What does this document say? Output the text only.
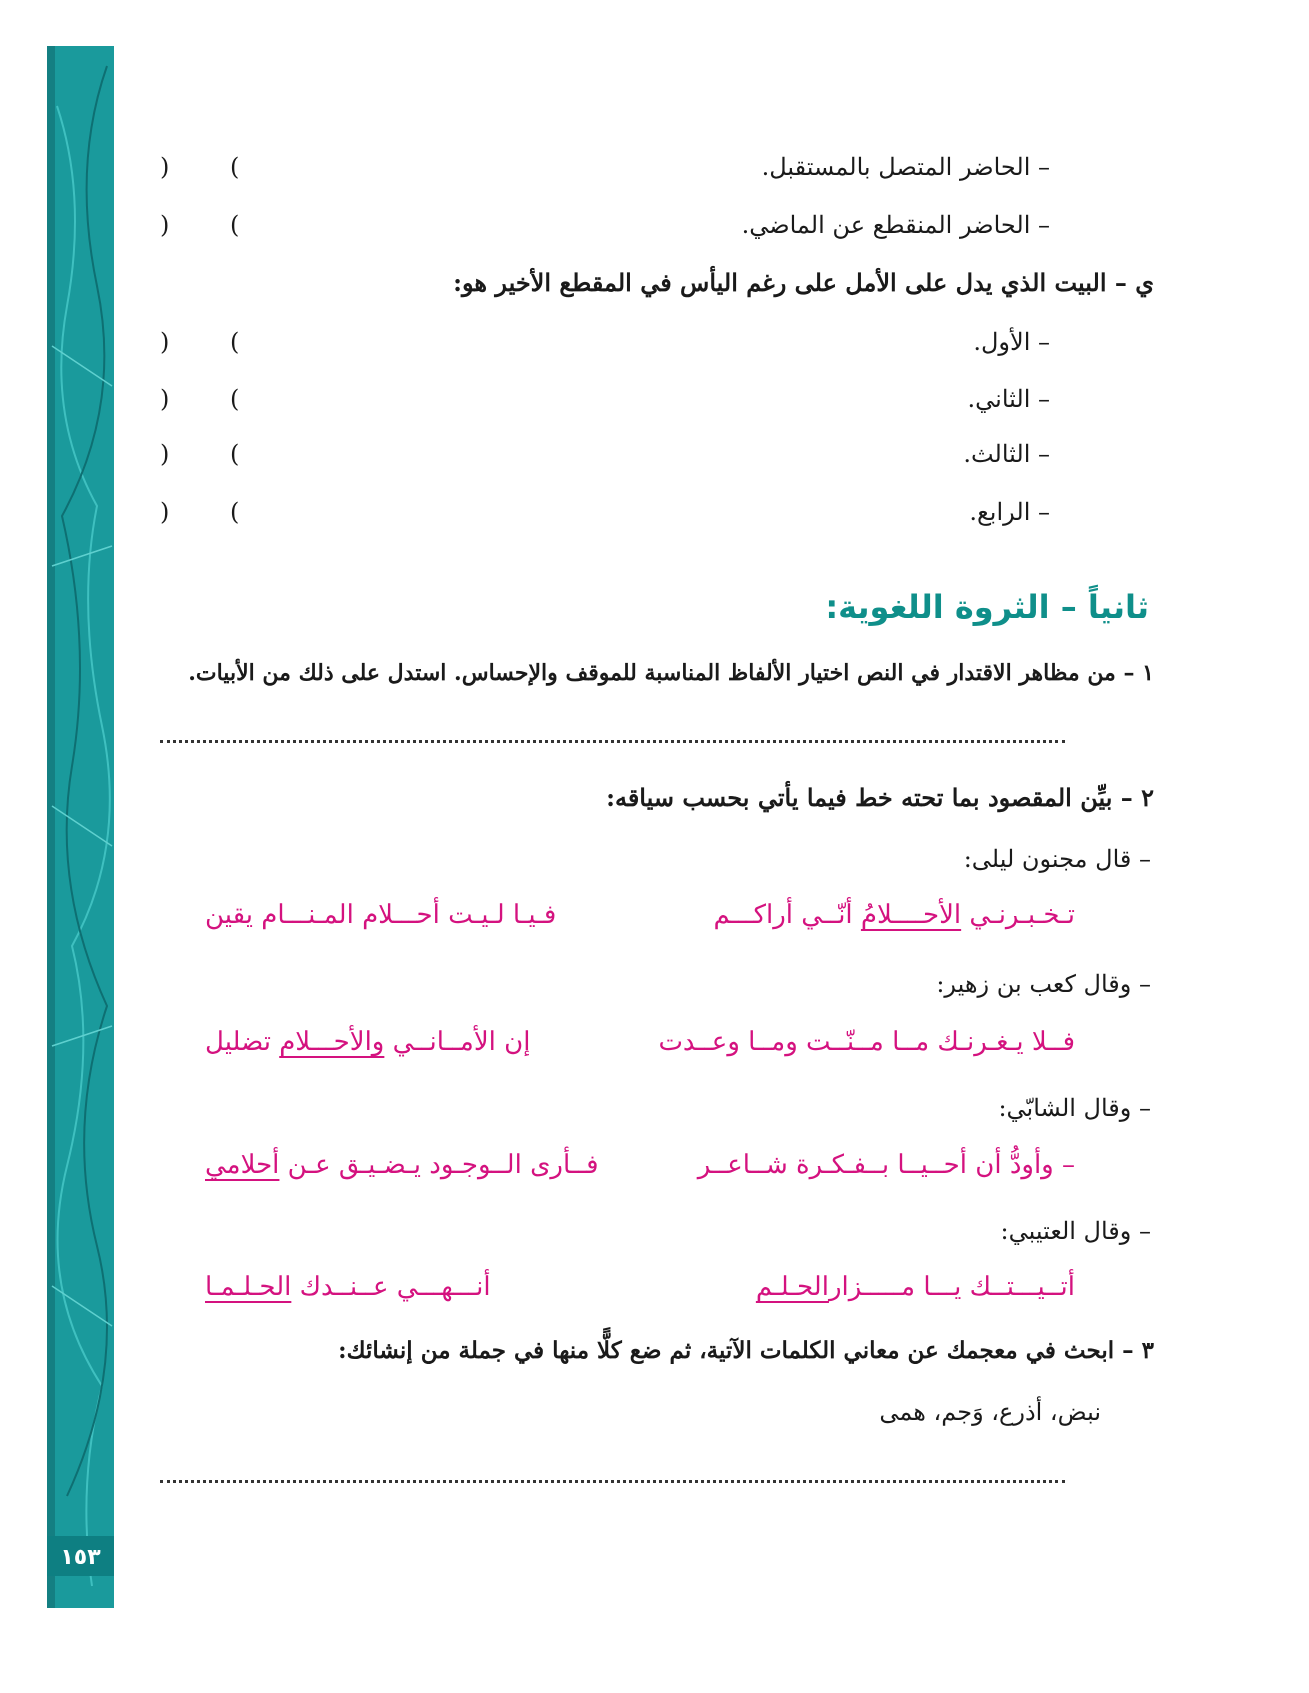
١٥٣
– الحاضر المتصل بالمستقبل.
(
)
– الحاضر المنقطع عن الماضي.
(
)
ي – البيت الذي يدل على الأمل على رغم اليأس في المقطع الأخير هو:
– الأول.
(
)
– الثاني.
(
)
– الثالث.
(
)
– الرابع.
(
)
ثانياً – الثروة اللغوية:
١ – من مظاهر الاقتدار في النص اختيار الألفاظ المناسبة للموقف والإحساس. استدل على ذلك من الأبيات.
٢ – بيِّن المقصود بما تحته خط فيما يأتي بحسب سياقه:
– قال مجنون ليلى:
تـخـبـرنـي الأحــــلامُ أنّــي أراكـــم
فـيـا لـيـت أحـــلام المـنـــام يقين
– وقال كعب بن زهير:
فــلا يـغـرنـك مــا مــنّــت ومــا وعــدت
إن الأمــانــي والأحـــلام تضليل
– وقال الشابّي:
– وأودُّ أن أحــيــا بــفـكـرة شــاعــر
فــأرى الــوجـود يـضـيـق عـن أحلامي
– وقال العتيبي:
أتــيـــتــك يـــا مـــــزارالحـلـم
أنـــهـــي عــنــدك الحـلـمـا
٣ – ابحث في معجمك عن معاني الكلمات الآتية، ثم ضع كلًّا منها في جملة من إنشائك:
نبض، أذرع، وَجم، همى
